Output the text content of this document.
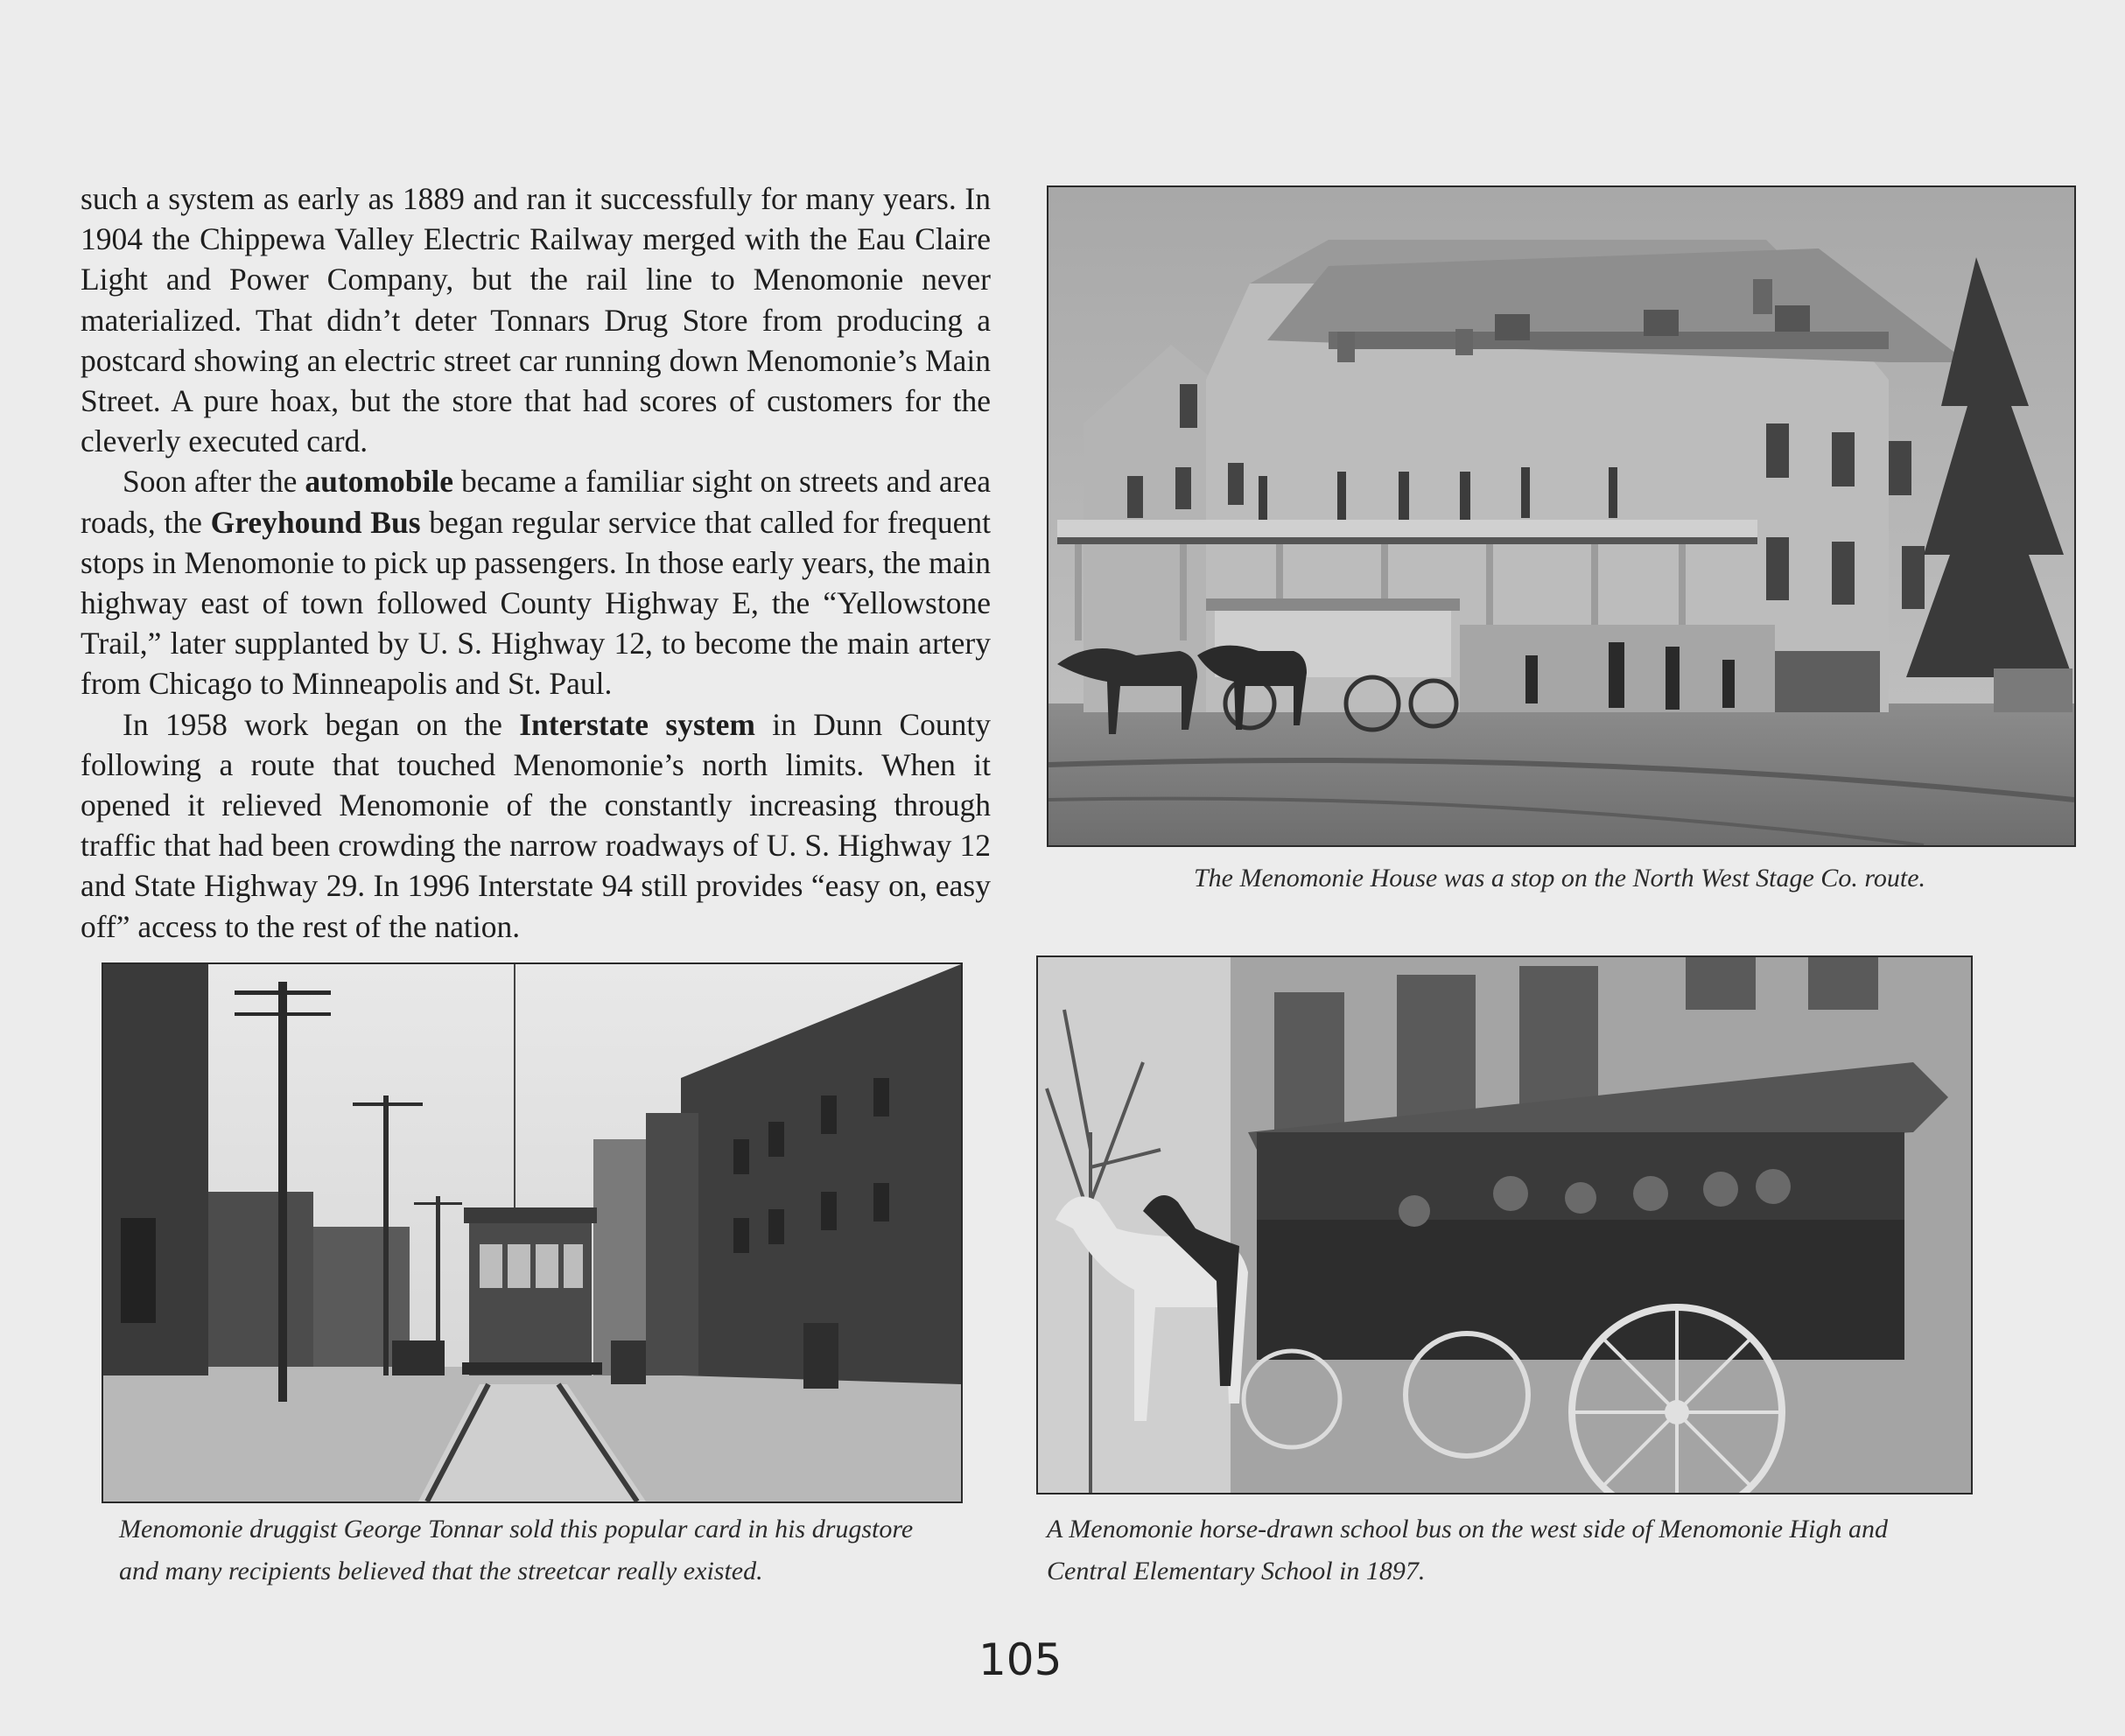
such a system as early as 1889 and ran it successfully for many years. In 1904 the Chippewa Valley Electric Railway merged with the Eau Claire Light and Power Company, but the rail line to Menomonie never materialized. That didn’t deter Tonnars Drug Store from producing a postcard showing an electric street car running down Menomonie’s Main Street. A pure hoax, but the store that had scores of customers for the cleverly executed card.

Soon after the automobile became a familiar sight on streets and area roads, the Greyhound Bus began regular service that called for frequent stops in Menomonie to pick up passengers. In those early years, the main highway east of town followed County Highway E, the “Yellowstone Trail,” later supplanted by U. S. Highway 12, to become the main artery from Chicago to Minneapolis and St. Paul.

In 1958 work began on the Interstate system in Dunn County following a route that touched Menomonie’s north limits. When it opened it relieved Menomonie of the constantly increasing through traffic that had been crowding the narrow roadways of U. S. Highway 12 and State Highway 29. In 1996 Interstate 94 still provides “easy on, easy off” access to the rest of the nation.

The Menomonie House was a stop on the North West Stage Co. route.
Menomonie druggist George Tonnar sold this popular card in his drugstore and many recipients believed that the streetcar really existed.
A Menomonie horse-drawn school bus on the west side of Menomonie High and Central Elementary School in 1897.
105
